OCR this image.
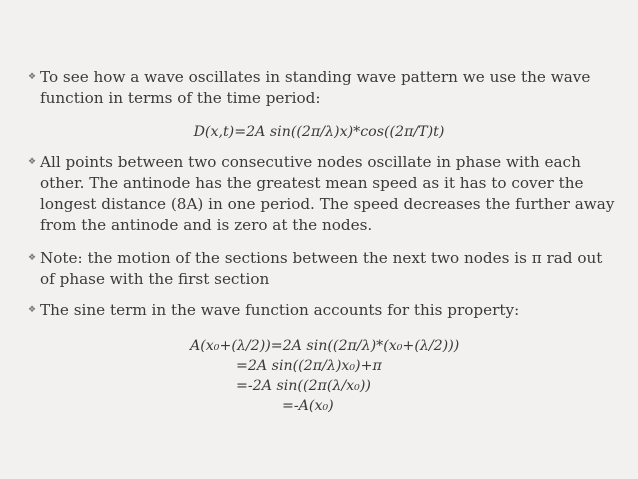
❖ To see how a wave oscillates in standing wave pattern we use the wave function in terms of the time period:
D(x,t)=2A sin((2π/λ)x)*cos((2π/T)t)
❖ All points between two consecutive nodes oscillate in phase with each other. The antinode has the greatest mean speed as it has to cover the longest distance (8A) in one period. The speed decreases the further away from the antinode and is zero at the nodes.
❖ Note: the motion of the sections between the next two nodes is π rad out of phase with the first section
❖ The sine term in the wave function accounts for this property:
A(x₀+(λ/2))=2A sin((2π/λ)*(x₀+(λ/2)))
=2A sin((2π/λ)x₀)+π
=-2A sin((2π(λ/x₀))
=-A(x₀)
